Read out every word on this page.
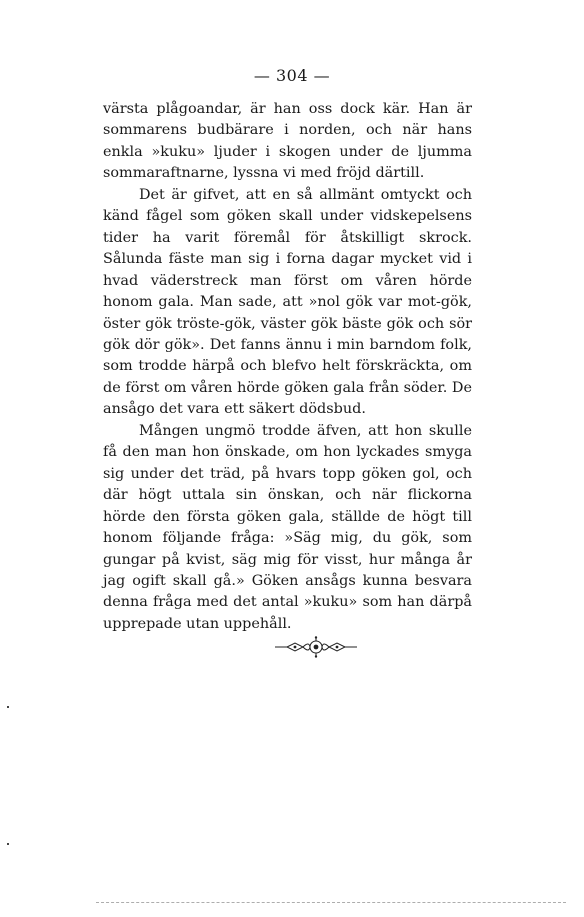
— 304 —

värsta plågoandar, är han oss dock kär. Han är sommarens budbärare i norden, och när hans enkla »kuku» ljuder i skogen under de ljumma sommaraftnarne, lyssna vi med fröjd därtill.

Det är gifvet, att en så allmänt omtyckt och känd fågel som göken skall under vidskepelsens tider ha varit föremål för åtskilligt skrock. Sålunda fäste man sig i forna dagar mycket vid i hvad väderstreck man först om våren hörde honom gala. Man sade, att »nol gök var mot-gök, öster gök tröste-gök, väster gök bäste gök och sör gök dör gök». Det fanns ännu i min barndom folk, som trodde härpå och blefvo helt förskräckta, om de först om våren hörde göken gala från söder. De ansågo det vara ett säkert dödsbud.

Mången ungmö trodde äfven, att hon skulle få den man hon önskade, om hon lyckades smyga sig under det träd, på hvars topp göken gol, och där högt uttala sin önskan, och när flickorna hörde den första göken gala, ställde de högt till honom följande fråga: »Säg mig, du gök, som gungar på kvist, säg mig för visst, hur många år jag ogift skall gå.» Göken ansågs kunna besvara denna fråga med det antal »kuku» som han därpå upprepade utan uppehåll.
